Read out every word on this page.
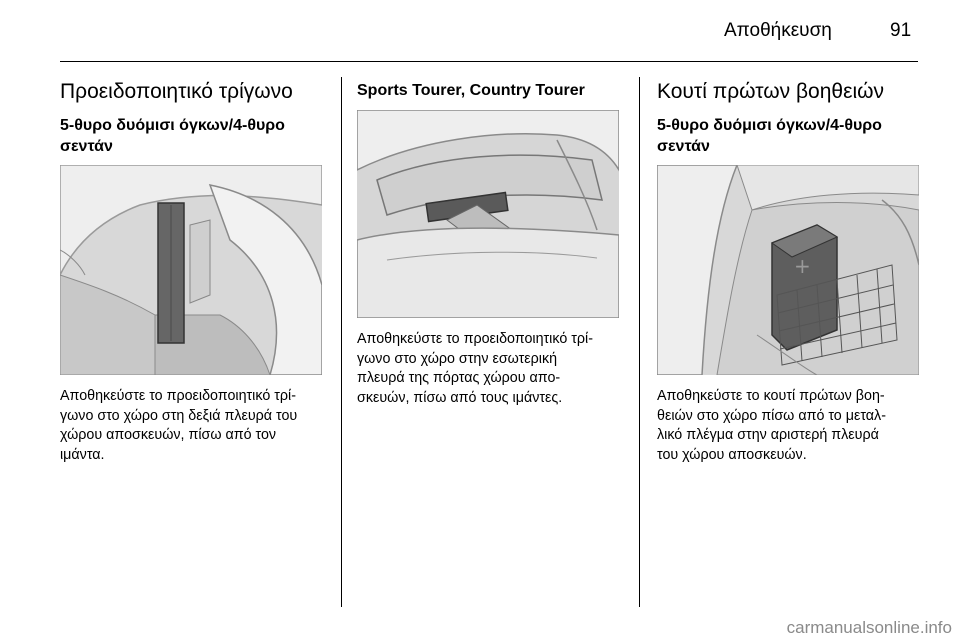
Αποθήκευση	91
Προειδοποιητικό τρίγωνο
5-θυρο δυόμισι όγκων/4-θυρο
σεντάν
Αποθηκεύστε το προειδοποιητικό τρί-
γωνο στο χώρο στη δεξιά πλευρά του
χώρου αποσκευών, πίσω από τον
ιμάντα.
Sports Tourer, Country Tourer
Αποθηκεύστε το προειδοποιητικό τρί-
γωνο στο χώρο στην εσωτερική
πλευρά της πόρτας χώρου απο-
σκευών, πίσω από τους ιμάντες.
Κουτί πρώτων βοηθειών
5-θυρο δυόμισι όγκων/4-θυρο
σεντάν
+
Αποθηκεύστε το κουτί πρώτων βοη-
θειών στο χώρο πίσω από το μεταλ-
λικό πλέγμα στην αριστερή πλευρά
του χώρου αποσκευών.
carmanualsonline.info
